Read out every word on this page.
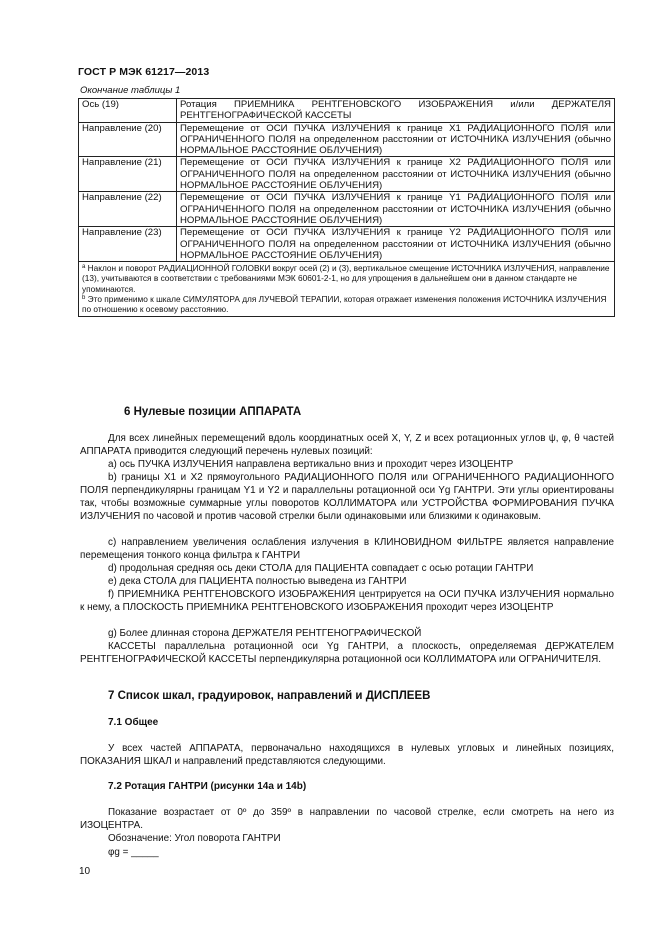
ГОСТ Р МЭК 61217—2013
Окончание таблицы 1
Ось (19)	Ротация ПРИЕМНИКА РЕНТГЕНОВСКОГО ИЗОБРАЖЕНИЯ и/или ДЕРЖАТЕЛЯ РЕНТГЕНОГРАФИЧЕСКОЙ КАССЕТЫ
Направление (20)	Перемещение от ОСИ ПУЧКА ИЗЛУЧЕНИЯ к границе X1 РАДИАЦИОННОГО ПОЛЯ или ОГРАНИЧЕННОГО ПОЛЯ на определенном расстоянии от ИСТОЧНИКА ИЗЛУЧЕНИЯ (обычно НОРМАЛЬНОЕ РАССТОЯНИЕ ОБЛУЧЕНИЯ)
Направление (21)	Перемещение от ОСИ ПУЧКА ИЗЛУЧЕНИЯ к границе X2 РАДИАЦИОННОГО ПОЛЯ или ОГРАНИЧЕННОГО ПОЛЯ на определенном расстоянии от ИСТОЧНИКА ИЗЛУЧЕНИЯ (обычно НОРМАЛЬНОЕ РАССТОЯНИЕ ОБЛУЧЕНИЯ)
Направление (22)	Перемещение от ОСИ ПУЧКА ИЗЛУЧЕНИЯ к границе Y1 РАДИАЦИОННОГО ПОЛЯ или ОГРАНИЧЕННОГО ПОЛЯ на определенном расстоянии от ИСТОЧНИКА ИЗЛУЧЕНИЯ (обычно НОРМАЛЬНОЕ РАССТОЯНИЕ ОБЛУЧЕНИЯ)
Направление (23)	Перемещение от ОСИ ПУЧКА ИЗЛУЧЕНИЯ к границе Y2 РАДИАЦИОННОГО ПОЛЯ или ОГРАНИЧЕННОГО ПОЛЯ на определенном расстоянии от ИСТОЧНИКА ИЗЛУЧЕНИЯ (обычно НОРМАЛЬНОЕ РАССТОЯНИЕ ОБЛУЧЕНИЯ)

$^a$ Наклон и поворот РАДИАЦИОННОЙ ГОЛОВКИ вокруг осей (2) и (3), вертикальное смещение ИСТОЧНИКА ИЗЛУЧЕНИЯ, направление (13), учитываются в соответствии с требованиями МЭК 60601-2-1, но для упрощения в дальнейшем они в данном стандарте не упоминаются.

$^b$ Это применимо к шкале СИМУЛЯТОРА для ЛУЧЕВОЙ ТЕРАПИИ, которая отражает изменения положения ИСТОЧНИКА ИЗЛУЧЕНИЯ по отношению к осевому расстоянию.	

6 Нулевые позиции АППАРАТА

Для всех линейных перемещений вдоль координатных осей X, Y, Z и всех ротационных углов ψ, φ, θ частей АППАРАТА приводится следующий перечень нулевых позиций:

а) ось ПУЧКА ИЗЛУЧЕНИЯ направлена вертикально вниз и проходит через ИЗОЦЕНТР

b) границы X1 и X2 прямоугольного РАДИАЦИОННОГО ПОЛЯ или ОГРАНИЧЕННОГО РАДИАЦИОННОГО ПОЛЯ перпендикулярны границам Y1 и Y2 и параллельны ротационной оси Yg ГАНТРИ. Эти углы ориентированы так, чтобы возможные суммарные углы поворотов КОЛЛИМАТОРА или УСТРОЙСТВА ФОРМИРОВАНИЯ ПУЧКА ИЗЛУЧЕНИЯ по часовой и против часовой стрелки были одинаковыми или близкими к одинаковым.

c) направлением увеличения ослабления излучения в КЛИНОВИДНОМ ФИЛЬТРЕ является направление перемещения тонкого конца фильтра к ГАНТРИ

d) продольная средняя ось деки СТОЛА для ПАЦИЕНТА совпадает с осью ротации ГАНТРИ

e) дека СТОЛА для ПАЦИЕНТА полностью выведена из ГАНТРИ

f) ПРИЕМНИКА РЕНТГЕНОВСКОГО ИЗОБРАЖЕНИЯ центрируется на ОСИ ПУЧКА ИЗЛУЧЕНИЯ нормально к нему, а ПЛОСКОСТЬ ПРИЕМНИКА РЕНТГЕНОВСКОГО ИЗОБРАЖЕНИЯ проходит через ИЗОЦЕНТР

g) Более длинная сторона ДЕРЖАТЕЛЯ РЕНТГЕНОГРАФИЧЕСКОЙ

КАССЕТЫ параллельна ротационной оси Yg ГАНТРИ, а плоскость, определяемая ДЕРЖАТЕЛЕМ РЕНТГЕНОГРАФИЧЕСКОЙ КАССЕТЫ перпендикулярна ротационной оси КОЛЛИМАТОРА или ОГРАНИЧИТЕЛЯ.

7 Список шкал, градуировок, направлений и ДИСПЛЕЕВ
7.1 Общее

У всех частей АППАРАТА, первоначально находящихся в нулевых угловых и линейных позициях, ПОКАЗАНИЯ ШКАЛ и направлений представляются следующими.

7.2 Ротация ГАНТРИ (рисунки 14а и 14b)

Показание возрастает от 0º до 359º в направлении по часовой стрелке, если смотреть на него из ИЗОЦЕНТРА.

Обозначение: Угол поворота ГАНТРИ

φg = _____

10
